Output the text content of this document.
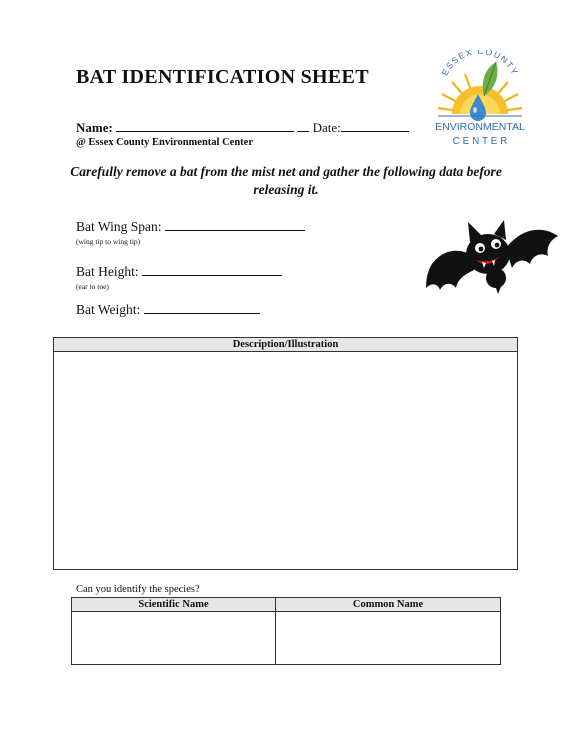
BAT IDENTIFICATION SHEET	ESSEX COUNTY
ENVIRONMENTAL
C E N T E R
Name:	Date:
@ Essex County Environmental Center
Carefully remove a bat from the mist net and gather the following data before releasing it.
Bat Wing Span:
(wing tip to wing tip)
Bat Height:
(ear to toe)
Bat Weight:
Description/Illustration
Can you identify the species?
Scientific Name	Common Name
